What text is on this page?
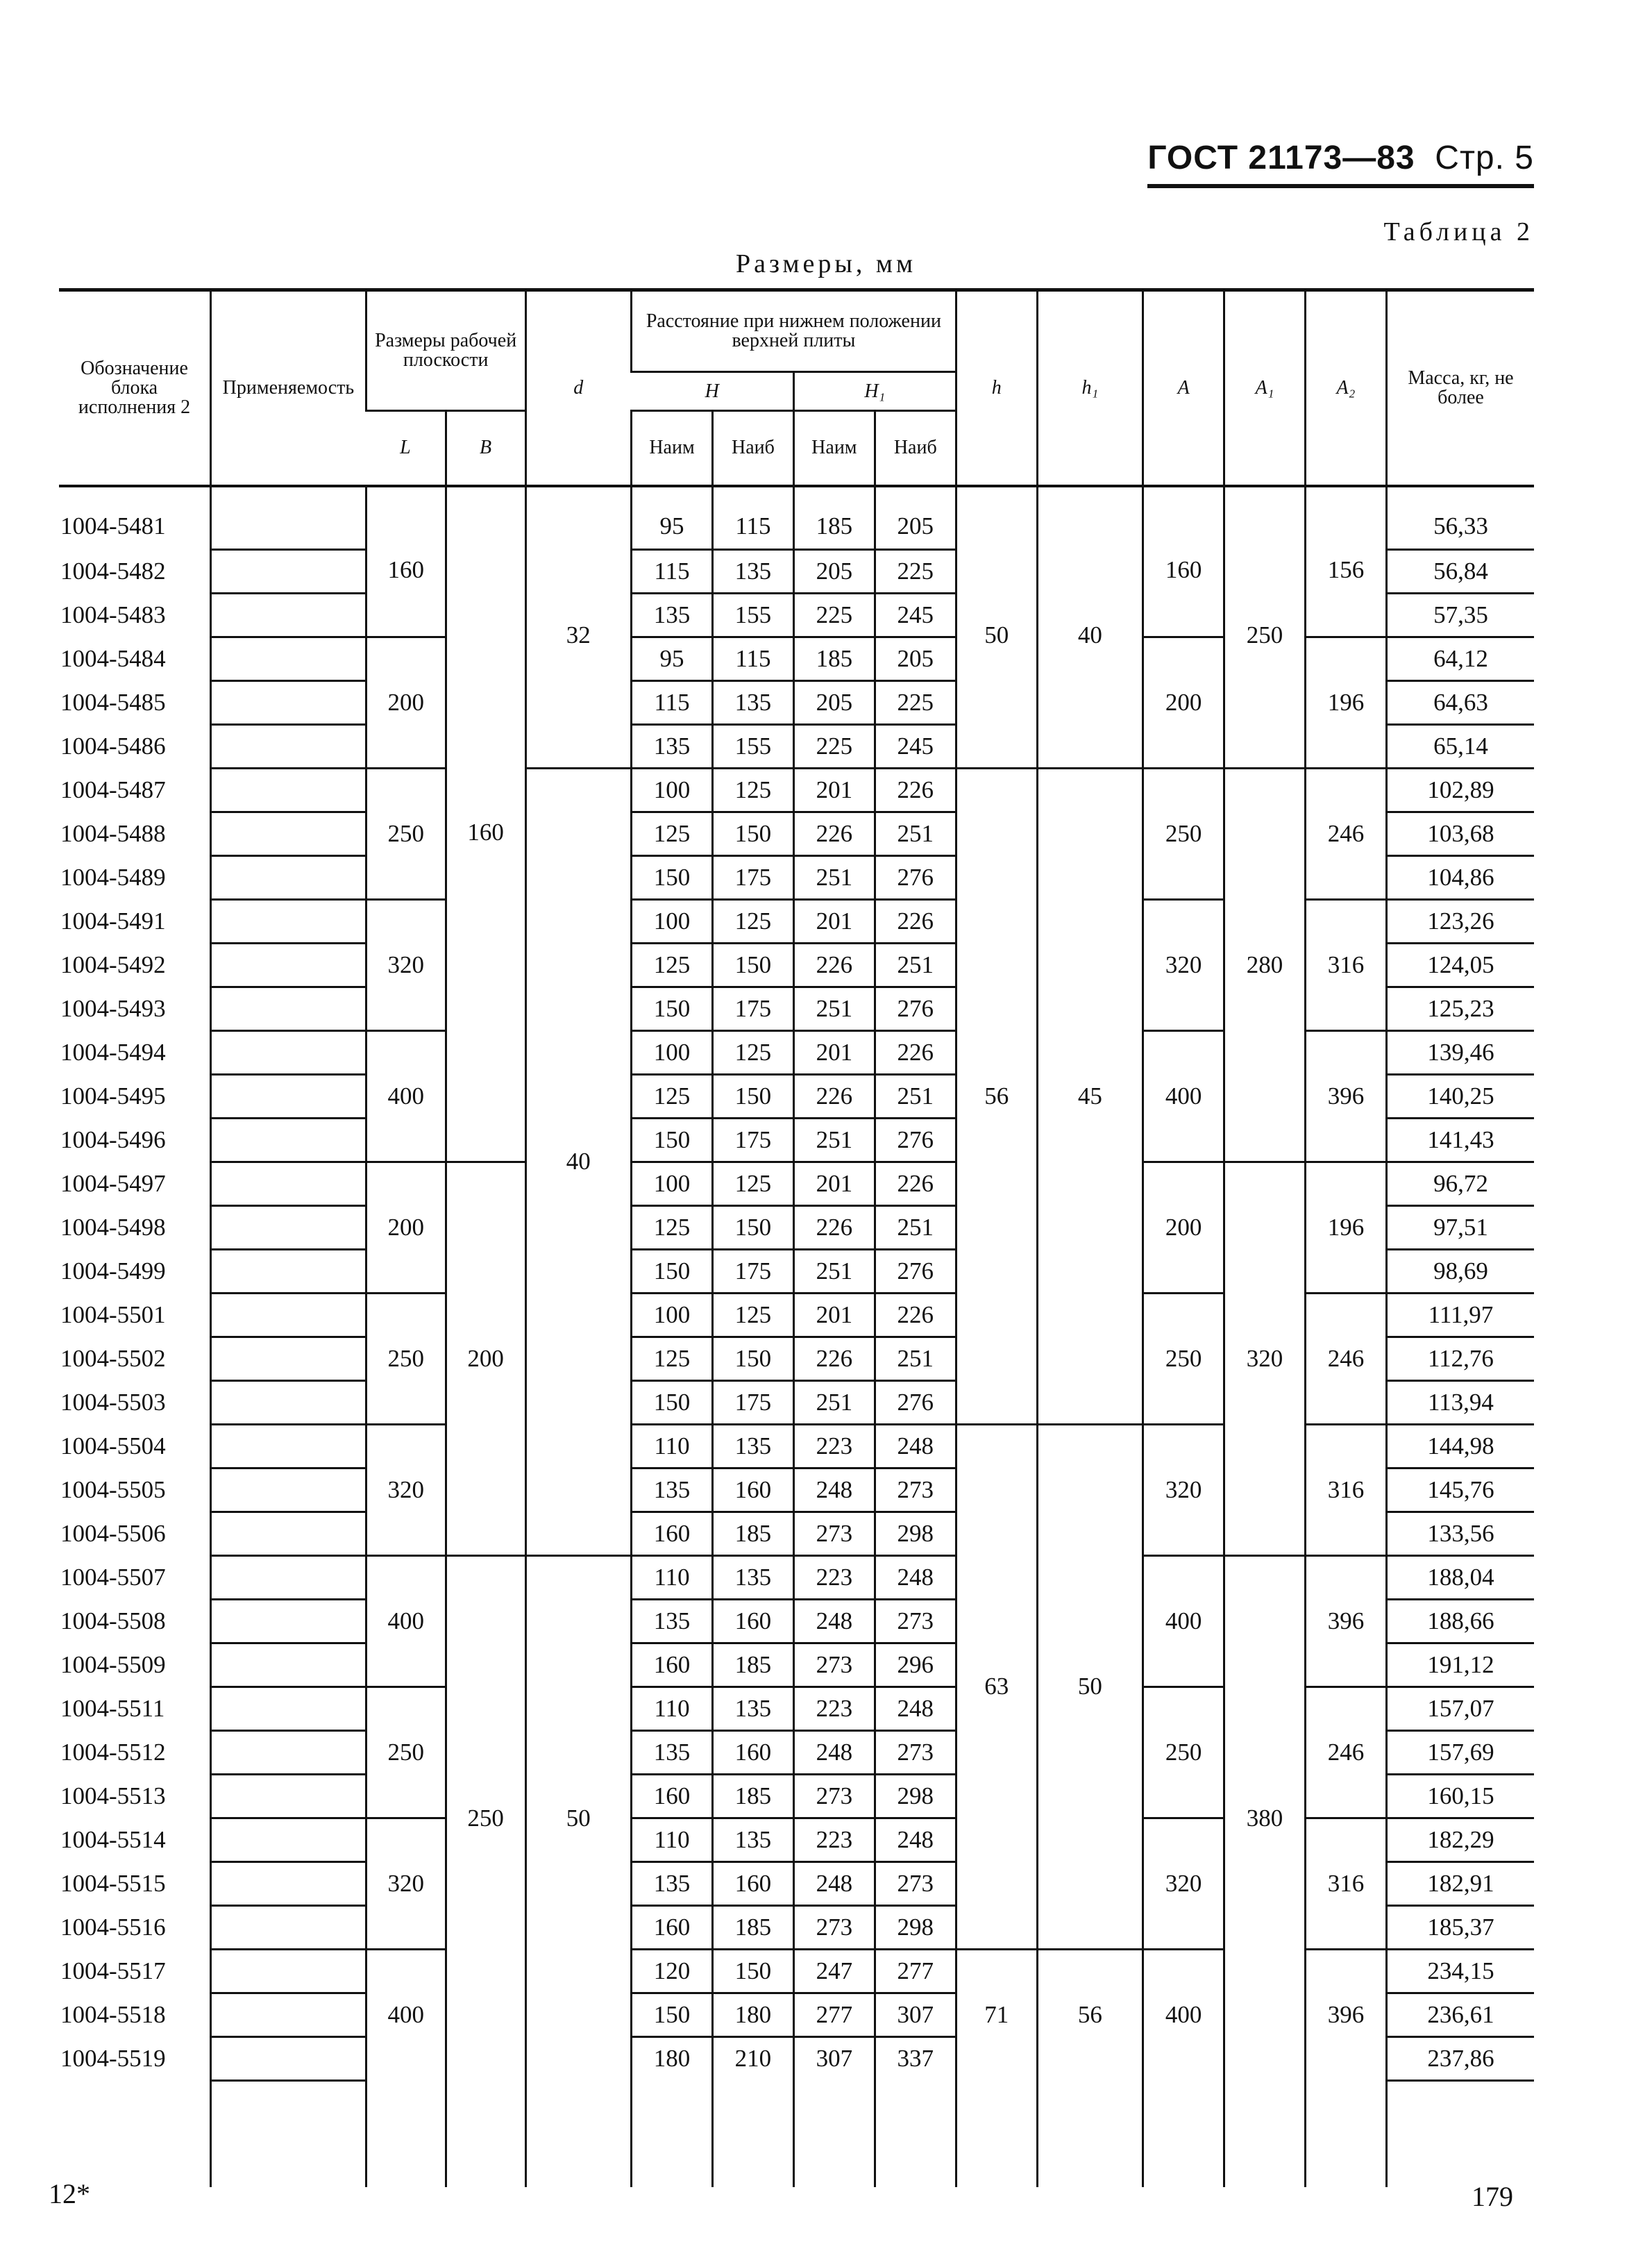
ГОСТ 21173—83 Стр. 5
Таблица 2
Размеры, мм
Обозначение блока исполнения 2	Применяемость	Размеры рабочей плоскости		d	Расстояние при нижнем положении верхней плиты				h	h₁	A	A₁	A₂	Масса, кг, не более
					H		H₁							
		L	B		Наим	Наиб	Наим	Наиб						
1004-5481		160	160	32	95	115	185	205	50	40	160	250	156	56,33
1004-5482					115	135	205	225						56,84
1004-5483					135	155	225	245						57,35
1004-5484		200			95	115	185	205			200		196	64,12
1004-5485					115	135	205	225						64,63
1004-5486					135	155	225	245						65,14
1004-5487		250		40	100	125	201	226	56	45	250	280	246	102,89
1004-5488					125	150	226	251						103,68
1004-5489					150	175	251	276						104,86
1004-5491		320			100	125	201	226			320		316	123,26
1004-5492					125	150	226	251						124,05
1004-5493					150	175	251	276						125,23
1004-5494		400			100	125	201	226			400		396	139,46
1004-5495					125	150	226	251						140,25
1004-5496					150	175	251	276						141,43
1004-5497		200	200		100	125	201	226			200	320	196	96,72
1004-5498					125	150	226	251						97,51
1004-5499					150	175	251	276						98,69
1004-5501		250			100	125	201	226			250		246	111,97
1004-5502					125	150	226	251						112,76
1004-5503					150	175	251	276						113,94
1004-5504		320			110	135	223	248	63	50	320		316	144,98
1004-5505					135	160	248	273						145,76
1004-5506					160	185	273	298						133,56
1004-5507		400	250	50	110	135	223	248			400	380	396	188,04
1004-5508					135	160	248	273						188,66
1004-5509					160	185	273	296						191,12
1004-5511		250			110	135	223	248			250		246	157,07
1004-5512					135	160	248	273						157,69
1004-5513					160	185	273	298						160,15
1004-5514		320			110	135	223	248			320		316	182,29
1004-5515					135	160	248	273						182,91
1004-5516					160	185	273	298						185,37
1004-5517		400			120	150	247	277	71	56	400		396	234,15
1004-5518					150	180	277	307						236,61
1004-5519					180	210	307	337						237,86

12*	179
